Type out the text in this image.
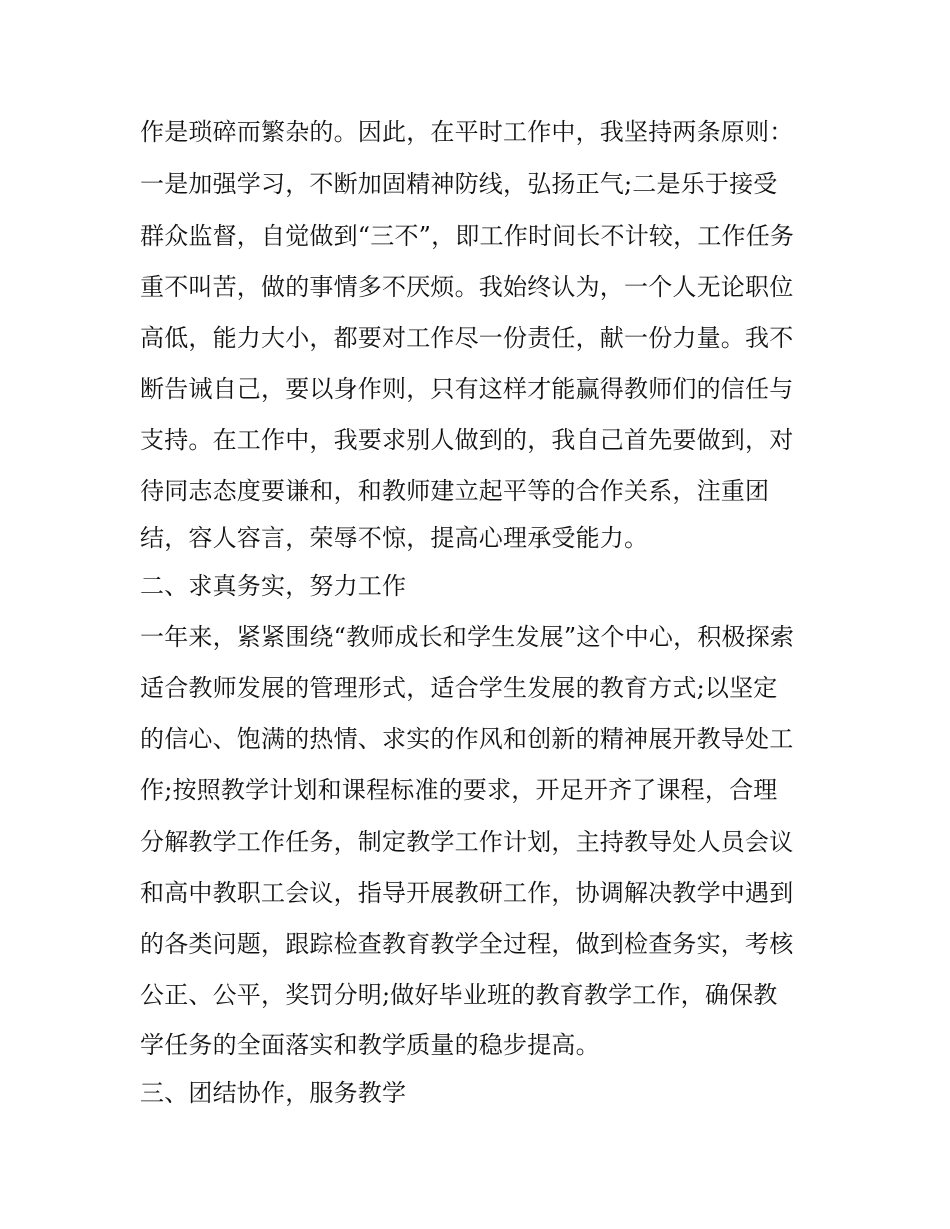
作是琐碎而繁杂的。因此，在平时工作中，我坚持两条原则：
一是加强学习，不断加固精神防线，弘扬正气;二是乐于接受
群众监督，自觉做到“三不”，即工作时间长不计较，工作任务
重不叫苦，做的事情多不厌烦。我始终认为，一个人无论职位
高低，能力大小，都要对工作尽一份责任，献一份力量。我不
断告诫自己，要以身作则，只有这样才能赢得教师们的信任与
支持。在工作中，我要求别人做到的，我自己首先要做到，对
待同志态度要谦和，和教师建立起平等的合作关系，注重团
结，容人容言，荣辱不惊，提高心理承受能力。
二、求真务实，努力工作
一年来，紧紧围绕“教师成长和学生发展”这个中心，积极探索
适合教师发展的管理形式，适合学生发展的教育方式;以坚定
的信心、饱满的热情、求实的作风和创新的精神展开教导处工
作;按照教学计划和课程标准的要求，开足开齐了课程，合理
分解教学工作任务，制定教学工作计划，主持教导处人员会议
和高中教职工会议，指导开展教研工作，协调解决教学中遇到
的各类问题，跟踪检查教育教学全过程，做到检查务实，考核
公正、公平，奖罚分明;做好毕业班的教育教学工作，确保教
学任务的全面落实和教学质量的稳步提高。
三、团结协作，服务教学
